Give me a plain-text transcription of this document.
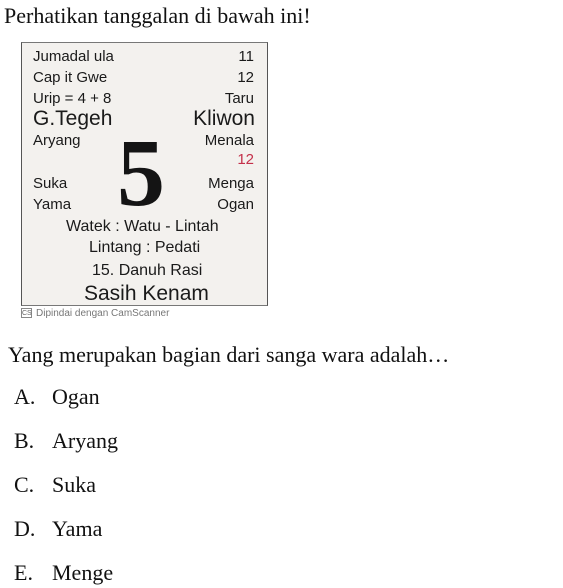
Perhatikan tanggalan di bawah ini!
Jumadal ula	11
Cap it Gwe	12
Urip = 4 + 8	Taru
G.Tegeh	Kliwon
Aryang	Menala
12
5
Suka	Menga
Yama	Ogan
Watek : Watu - Lintah
Lintang : Pedati
15. Danuh Rasi
Sasih Kenam
CS Dipindai dengan CamScanner
Yang merupakan bagian dari sanga wara adalah…
A. Ogan
B. Aryang
C. Suka
D. Yama
E. Menge
